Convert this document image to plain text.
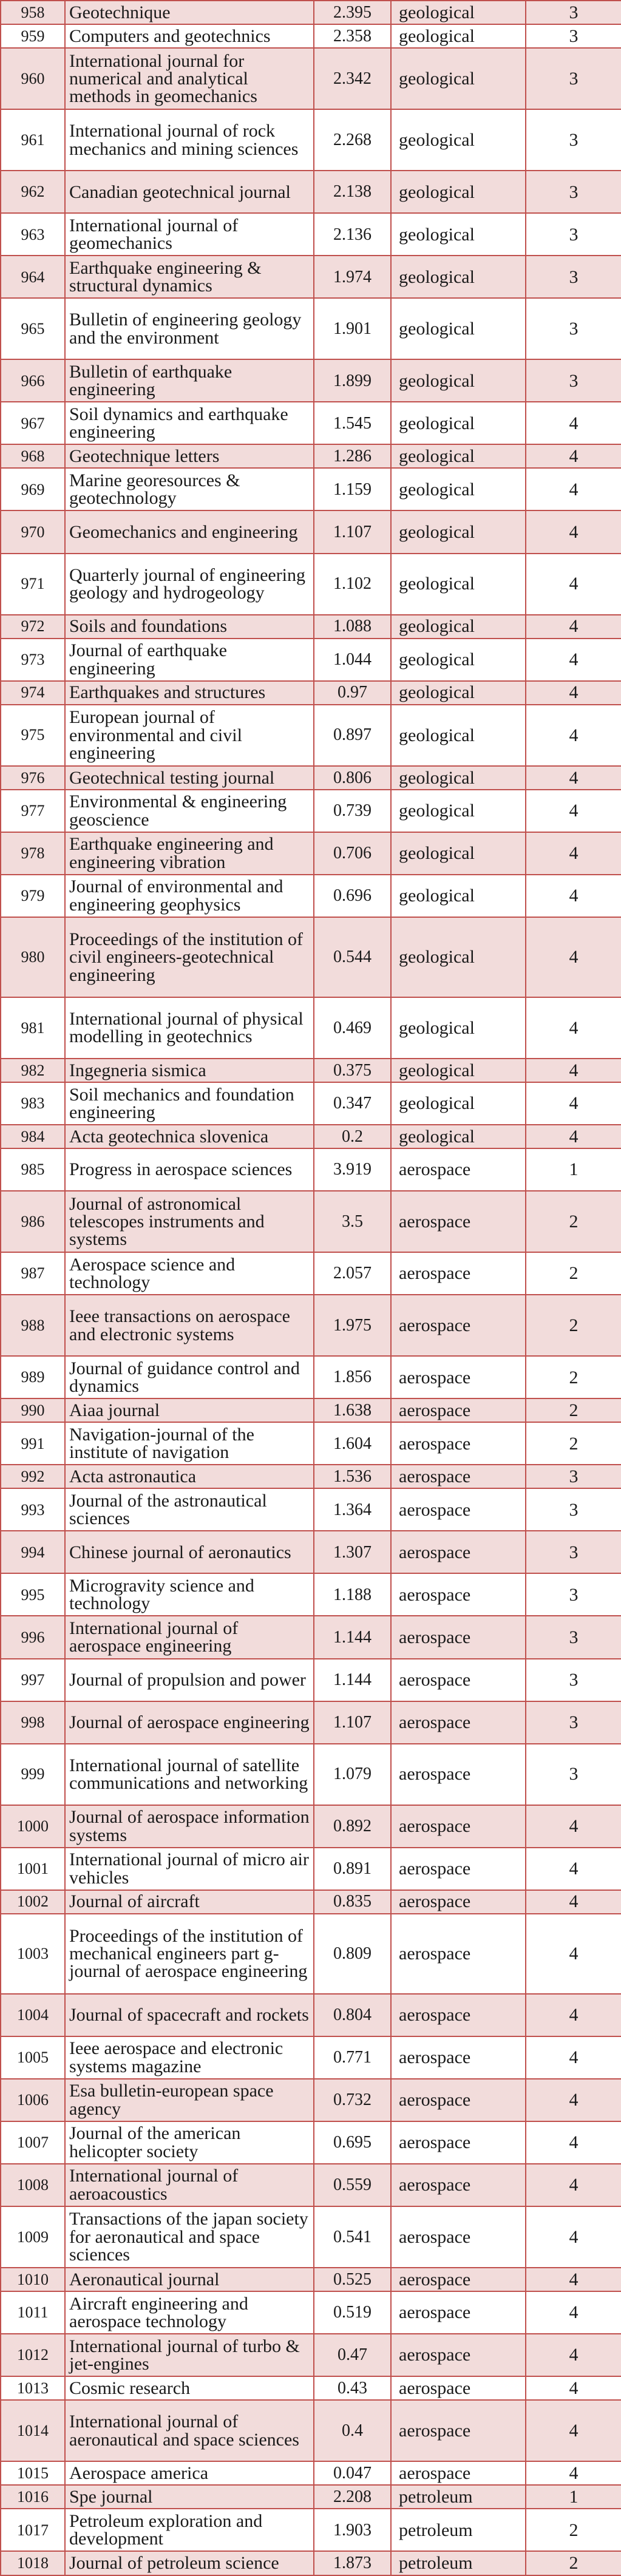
958	Geotechnique	2.395	geological	3
959	Computers and geotechnics	2.358	geological	3
960	International journal for numerical and analytical methods in geomechanics	2.342	geological	3
961	International journal of rock mechanics and mining sciences	2.268	geological	3
962	Canadian geotechnical journal	2.138	geological	3
963	International journal of geomechanics	2.136	geological	3
964	Earthquake engineering & structural dynamics	1.974	geological	3
965	Bulletin of engineering geology and the environment	1.901	geological	3
966	Bulletin of earthquake engineering	1.899	geological	3
967	Soil dynamics and earthquake engineering	1.545	geological	4
968	Geotechnique letters	1.286	geological	4
969	Marine georesources & geotechnology	1.159	geological	4
970	Geomechanics and engineering	1.107	geological	4
971	Quarterly journal of engineering geology and hydrogeology	1.102	geological	4
972	Soils and foundations	1.088	geological	4
973	Journal of earthquake engineering	1.044	geological	4
974	Earthquakes and structures	0.97	geological	4
975	European journal of environmental and civil engineering	0.897	geological	4
976	Geotechnical testing journal	0.806	geological	4
977	Environmental & engineering geoscience	0.739	geological	4
978	Earthquake engineering and engineering vibration	0.706	geological	4
979	Journal of environmental and engineering geophysics	0.696	geological	4
980	Proceedings of the institution of civil engineers-geotechnical engineering	0.544	geological	4
981	International journal of physical modelling in geotechnics	0.469	geological	4
982	Ingegneria sismica	0.375	geological	4
983	Soil mechanics and foundation engineering	0.347	geological	4
984	Acta geotechnica slovenica	0.2	geological	4
985	Progress in aerospace sciences	3.919	aerospace	1
986	Journal of astronomical telescopes instruments and systems	3.5	aerospace	2
987	Aerospace science and technology	2.057	aerospace	2
988	Ieee transactions on aerospace and electronic systems	1.975	aerospace	2
989	Journal of guidance control and dynamics	1.856	aerospace	2
990	Aiaa journal	1.638	aerospace	2
991	Navigation-journal of the institute of navigation	1.604	aerospace	2
992	Acta astronautica	1.536	aerospace	3
993	Journal of the astronautical sciences	1.364	aerospace	3
994	Chinese journal of aeronautics	1.307	aerospace	3
995	Microgravity science and technology	1.188	aerospace	3
996	International journal of aerospace engineering	1.144	aerospace	3
997	Journal of propulsion and power	1.144	aerospace	3
998	Journal of aerospace engineering	1.107	aerospace	3
999	International journal of satellite communications and networking	1.079	aerospace	3
1000	Journal of aerospace information systems	0.892	aerospace	4
1001	International journal of micro air vehicles	0.891	aerospace	4
1002	Journal of aircraft	0.835	aerospace	4
1003	Proceedings of the institution of mechanical engineers part g-journal of aerospace engineering	0.809	aerospace	4
1004	Journal of spacecraft and rockets	0.804	aerospace	4
1005	Ieee aerospace and electronic systems magazine	0.771	aerospace	4
1006	Esa bulletin-european space agency	0.732	aerospace	4
1007	Journal of the american helicopter society	0.695	aerospace	4
1008	International journal of aeroacoustics	0.559	aerospace	4
1009	Transactions of the japan society for aeronautical and space sciences	0.541	aerospace	4
1010	Aeronautical journal	0.525	aerospace	4
1011	Aircraft engineering and aerospace technology	0.519	aerospace	4
1012	International journal of turbo & jet-engines	0.47	aerospace	4
1013	Cosmic research	0.43	aerospace	4
1014	International journal of aeronautical and space sciences	0.4	aerospace	4
1015	Aerospace america	0.047	aerospace	4
1016	Spe journal	2.208	petroleum	1
1017	Petroleum exploration and development	1.903	petroleum	2
1018	Journal of petroleum science	1.873	petroleum	2
